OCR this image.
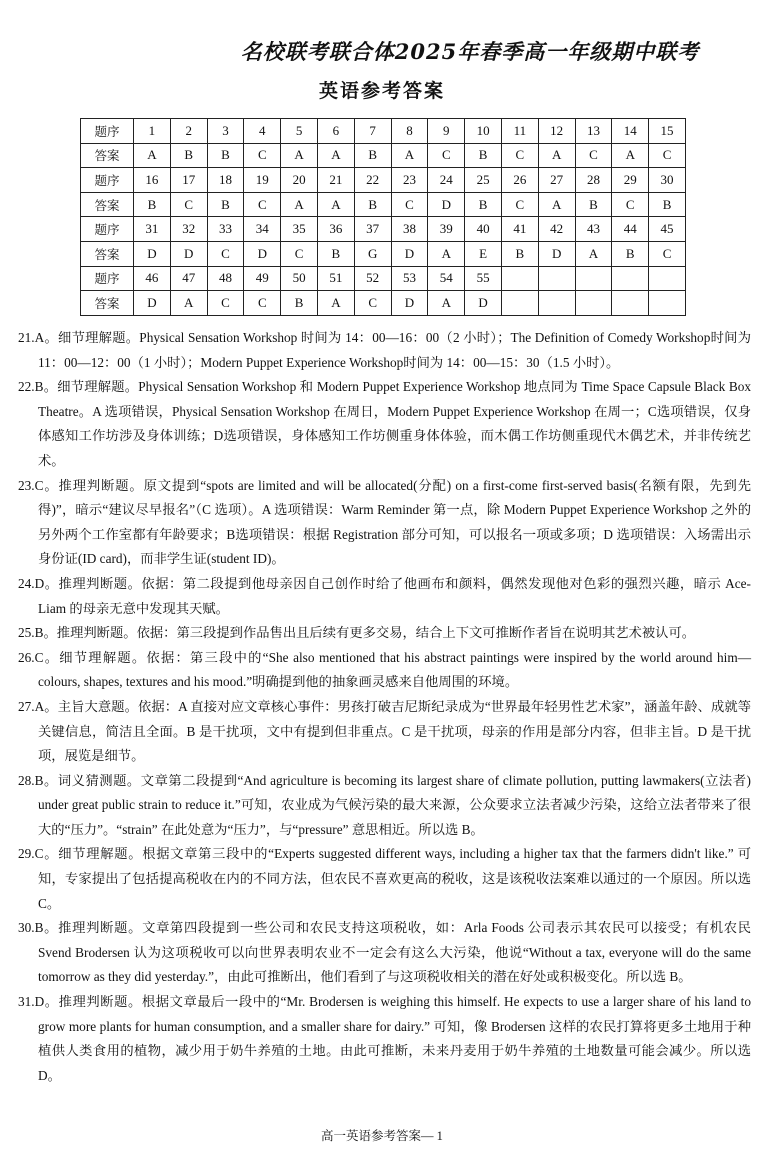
名校联考联合体2025年春季高一年级期中联考
英语参考答案
题序	1	2	3	4	5	6	7	8	9	10	11	12	13	14	15
答案	A	B	B	C	A	A	B	A	C	B	C	A	C	A	C
题序	16	17	18	19	20	21	22	23	24	25	26	27	28	29	30
答案	B	C	B	C	A	A	B	C	D	B	C	A	B	C	B
题序	31	32	33	34	35	36	37	38	39	40	41	42	43	44	45
答案	D	D	C	D	C	B	G	D	A	E	B	D	A	B	C
题序	46	47	48	49	50	51	52	53	54	55					
答案	D	A	C	C	B	A	C	D	A	D					

21.A。细节理解题。Physical Sensation Workshop 时间为 14：00—16：00（2 小时）；The Definition of Comedy Workshop时间为 11：00—12：00（1 小时）；Modern Puppet Experience Workshop时间为 14：00—15：30（1.5 小时）。

22.B。细节理解题。Physical Sensation Workshop 和 Modern Puppet Experience Workshop 地点同为 Time Space Capsule Black Box Theatre。A 选项错误，Physical Sensation Workshop 在周日，Modern Puppet Experience Workshop 在周一；C选项错误，仅身体感知工作坊涉及身体训练；D选项错误，身体感知工作坊侧重身体体验，而木偶工作坊侧重现代木偶艺术，并非传统艺术。

23.C。推理判断题。原文提到“spots are limited and will be allocated(分配) on a first-come first-served basis(名额有限，先到先得)”，暗示“建议尽早报名”（C 选项）。A 选项错误：Warm Reminder 第一点，除 Modern Puppet Experience Workshop 之外的另外两个工作室都有年龄要求；B选项错误：根据 Registration 部分可知，可以报名一项或多项；D 选项错误：入场需出示身份证(ID card)，而非学生证(student ID)。

24.D。推理判断题。依据：第二段提到他母亲因自己创作时给了他画布和颜料，偶然发现他对色彩的强烈兴趣，暗示 Ace-Liam 的母亲无意中发现其天赋。

25.B。推理判断题。依据：第三段提到作品售出且后续有更多交易，结合上下文可推断作者旨在说明其艺术被认可。

26.C。细节理解题。依据：第三段中的“She also mentioned that his abstract paintings were inspired by the world around him—colours, shapes, textures and his mood.”明确提到他的抽象画灵感来自他周围的环境。

27.A。主旨大意题。依据：A 直接对应文章核心事件：男孩打破吉尼斯纪录成为“世界最年轻男性艺术家”，涵盖年龄、成就等关键信息，简洁且全面。B 是干扰项，文中有提到但非重点。C 是干扰项，母亲的作用是部分内容，但非主旨。D 是干扰项，展览是细节。

28.B。词义猜测题。文章第二段提到“And agriculture is becoming its largest share of climate pollution, putting lawmakers(立法者) under great public strain to reduce it.”可知，农业成为气候污染的最大来源，公众要求立法者减少污染，这给立法者带来了很大的“压力”。“strain” 在此处意为“压力”，与“pressure” 意思相近。所以选 B。

29.C。细节理解题。根据文章第三段中的“Experts suggested different ways, including a higher tax that the farmers didn't like.” 可知，专家提出了包括提高税收在内的不同方法，但农民不喜欢更高的税收，这是该税收法案难以通过的一个原因。所以选 C。

30.B。推理判断题。文章第四段提到一些公司和农民支持这项税收，如：Arla Foods 公司表示其农民可以接受；有机农民 Svend Brodersen 认为这项税收可以向世界表明农业不一定会有这么大污染，他说“Without a tax, everyone will do the same tomorrow as they did yesterday.”，由此可推断出，他们看到了与这项税收相关的潜在好处或积极变化。所以选 B。

31.D。推理判断题。根据文章最后一段中的“Mr. Brodersen is weighing this himself. He expects to use a larger share of his land to grow more plants for human consumption, and a smaller share for dairy.” 可知，像 Brodersen 这样的农民打算将更多土地用于种植供人类食用的植物，减少用于奶牛养殖的土地。由此可推断，未来丹麦用于奶牛养殖的土地数量可能会减少。所以选 D。

高一英语参考答案— 1
